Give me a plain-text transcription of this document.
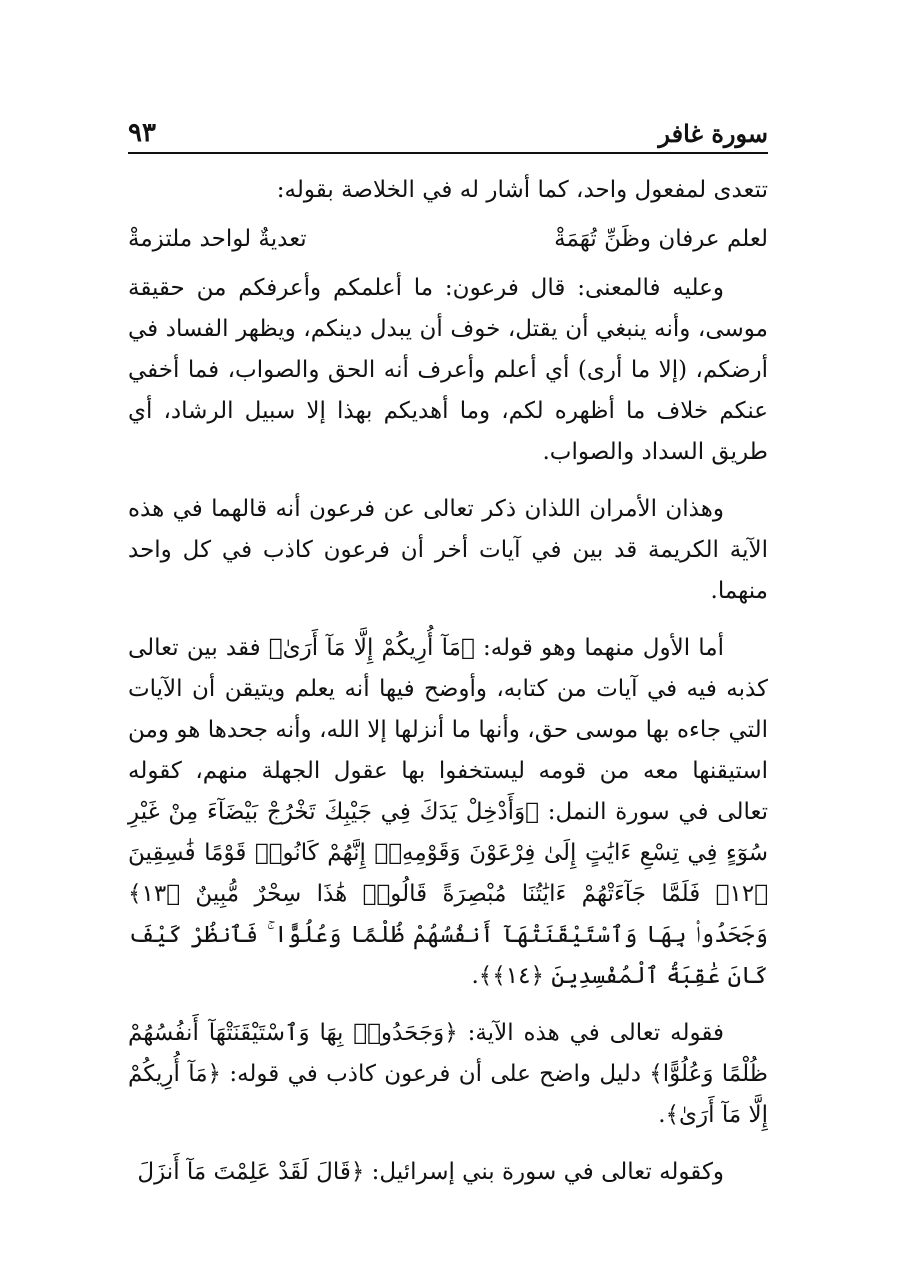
سورة غافر
٩٣

تتعدى لمفعول واحد، كما أشار له في الخلاصة بقوله:

لعلم عرفان وظَنِّ تُهَمَةْ
تعديةٌ لواحد ملتزمةْ

وعليه فالمعنى: قال فرعون: ما أعلمكم وأعرفكم من حقيقة موسى، وأنه ينبغي أن يقتل، خوف أن يبدل دينكم، ويظهر الفساد في أرضكم، (إلا ما أرى) أي أعلم وأعرف أنه الحق والصواب، فما أخفي عنكم خلاف ما أظهره لكم، وما أهديكم بهذا إلا سبيل الرشاد، أي طريق السداد والصواب.

وهذان الأمران اللذان ذكر تعالى عن فرعون أنه قالهما في هذه الآية الكريمة قد بين في آيات أخر أن فرعون كاذب في كل واحد منهما.

أما الأول منهما وهو قوله: ﴿مَآ أُرِيكُمْ إِلَّا مَآ أَرَىٰ﴾ فقد بين تعالى كذبه فيه في آيات من كتابه، وأوضح فيها أنه يعلم ويتيقن أن الآيات التي جاءه بها موسى حق، وأنها ما أنزلها إلا الله، وأنه جحدها هو ومن استيقنها معه من قومه ليستخفوا بها عقول الجهلة منهم، كقوله تعالى في سورة النمل: ﴿وَأَدْخِلْ يَدَكَ فِي جَيْبِكَ تَخْرُجْ بَيْضَآءَ مِنْ غَيْرِ سُوٓءٍ فِي تِسْعِ ءَايَٰتٍ إِلَىٰ فِرْعَوْنَ وَقَوْمِهِۦٓ إِنَّهُمْ كَانُوا۟ قَوْمًا فَٰسِقِينَ ﴿١٢﴾ فَلَمَّا جَآءَتْهُمْ ءَايَٰتُنَا مُبْصِرَةً قَالُوا۟ هَٰذَا سِحْرٌ مُّبِينٌ ﴿١٣﴾ وَجَحَدُوا۟ بِهَا وَٱسْتَيْقَنَتْهَآ أَنفُسُهُمْ ظُلْمًا وَعُلُوًّا ۚ فَٱنظُرْ كَيْفَ كَانَ عَٰقِبَةُ ٱلْمُفْسِدِينَ ﴿١٤﴾﴾.

فقوله تعالى في هذه الآية: ﴿وَجَحَدُوا۟ بِهَا وَٱسْتَيْقَنَتْهَآ أَنفُسُهُمْ ظُلْمًا وَعُلُوًّا﴾ دليل واضح على أن فرعون كاذب في قوله: ﴿مَآ أُرِيكُمْ إِلَّا مَآ أَرَىٰ﴾.

وكقوله تعالى في سورة بني إسرائيل: ﴿قَالَ لَقَدْ عَلِمْتَ مَآ أَنزَلَ
